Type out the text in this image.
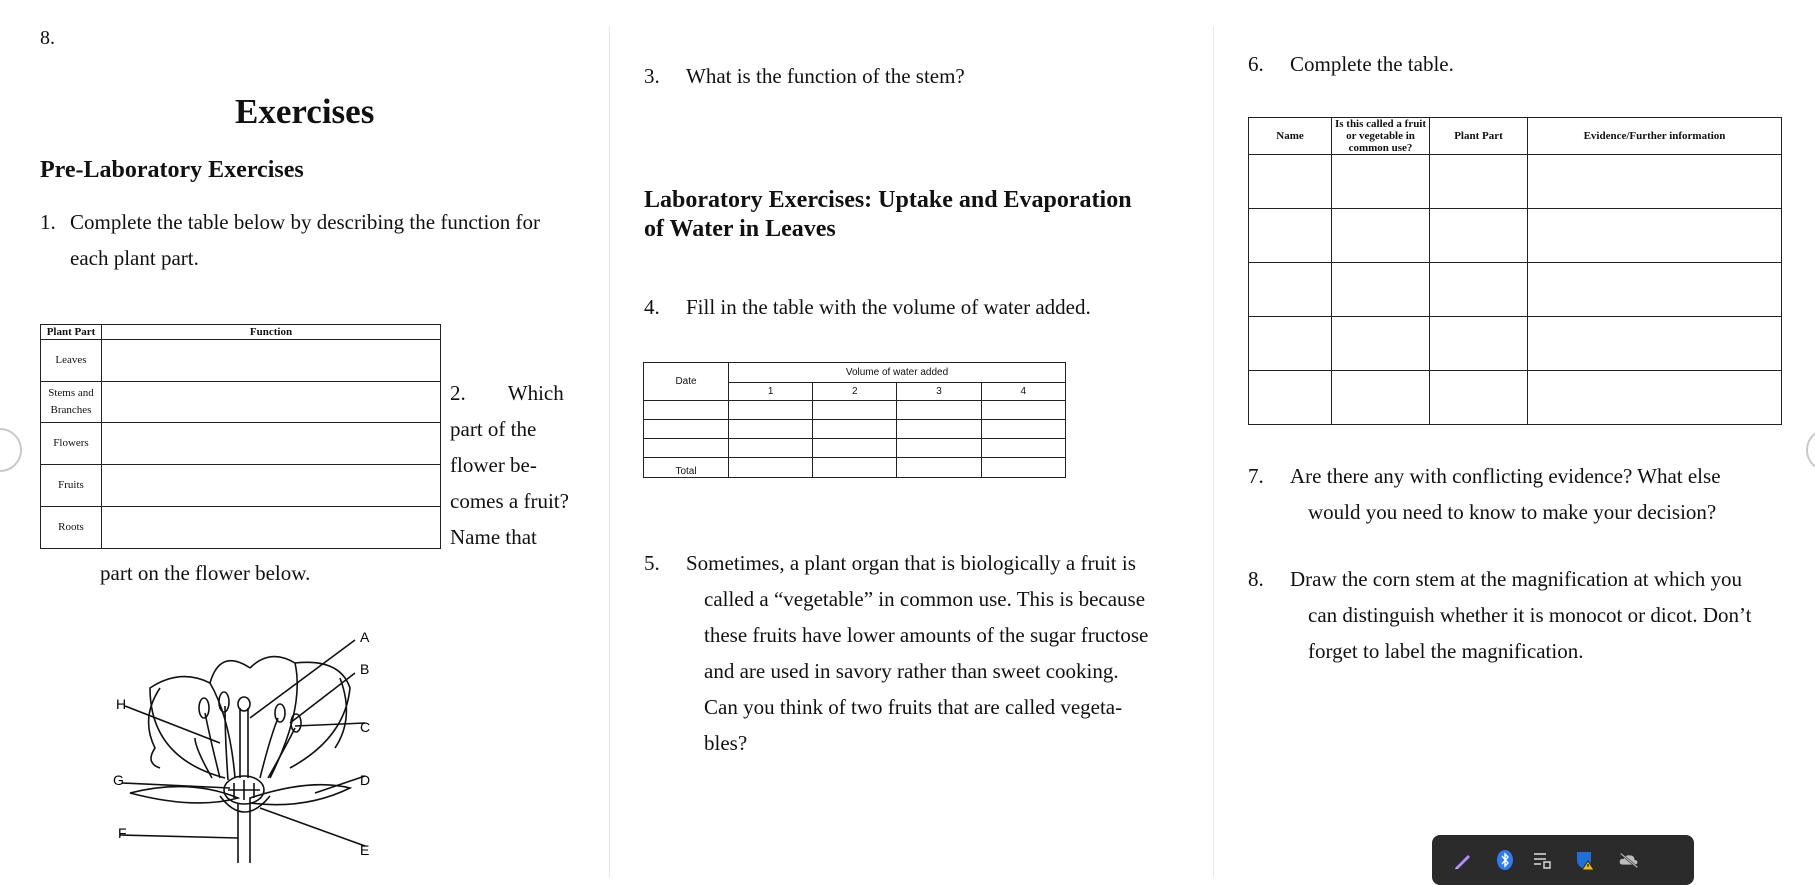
8.
Exercises
Pre-Laboratory Exercises
1. Complete the table below by describing the function for
each plant part.
Plant Part	Function
Leaves	
Stems and Branches	
Flowers	
Fruits	
Roots	
2.  Which
part of the
flower be-
comes a fruit?
Name that
part on the flower below.
A
B
C
D
E
F
G
H
3. What is the function of the stem?
Laboratory Exercises: Uptake and Evaporation
of Water in Leaves
4. Fill in the table with the volume of water added.
Date	Volume of water added			
	1	2	3	4

Total				
5. Sometimes, a plant organ that is biologically a fruit is
called a “vegetable” in common use. This is because
these fruits have lower amounts of the sugar fructose
and are used in savory rather than sweet cooking.
Can you think of two fruits that are called vegeta-
bles?
6. Complete the table.
Name	Is this called a fruit or vegetable in common use?	Plant Part	Evidence/Further information

7. Are there any with conflicting evidence? What else
would you need to know to make your decision?
8. Draw the corn stem at the magnification at which you
can distinguish whether it is monocot or dicot. Don’t
forget to label the magnification.
